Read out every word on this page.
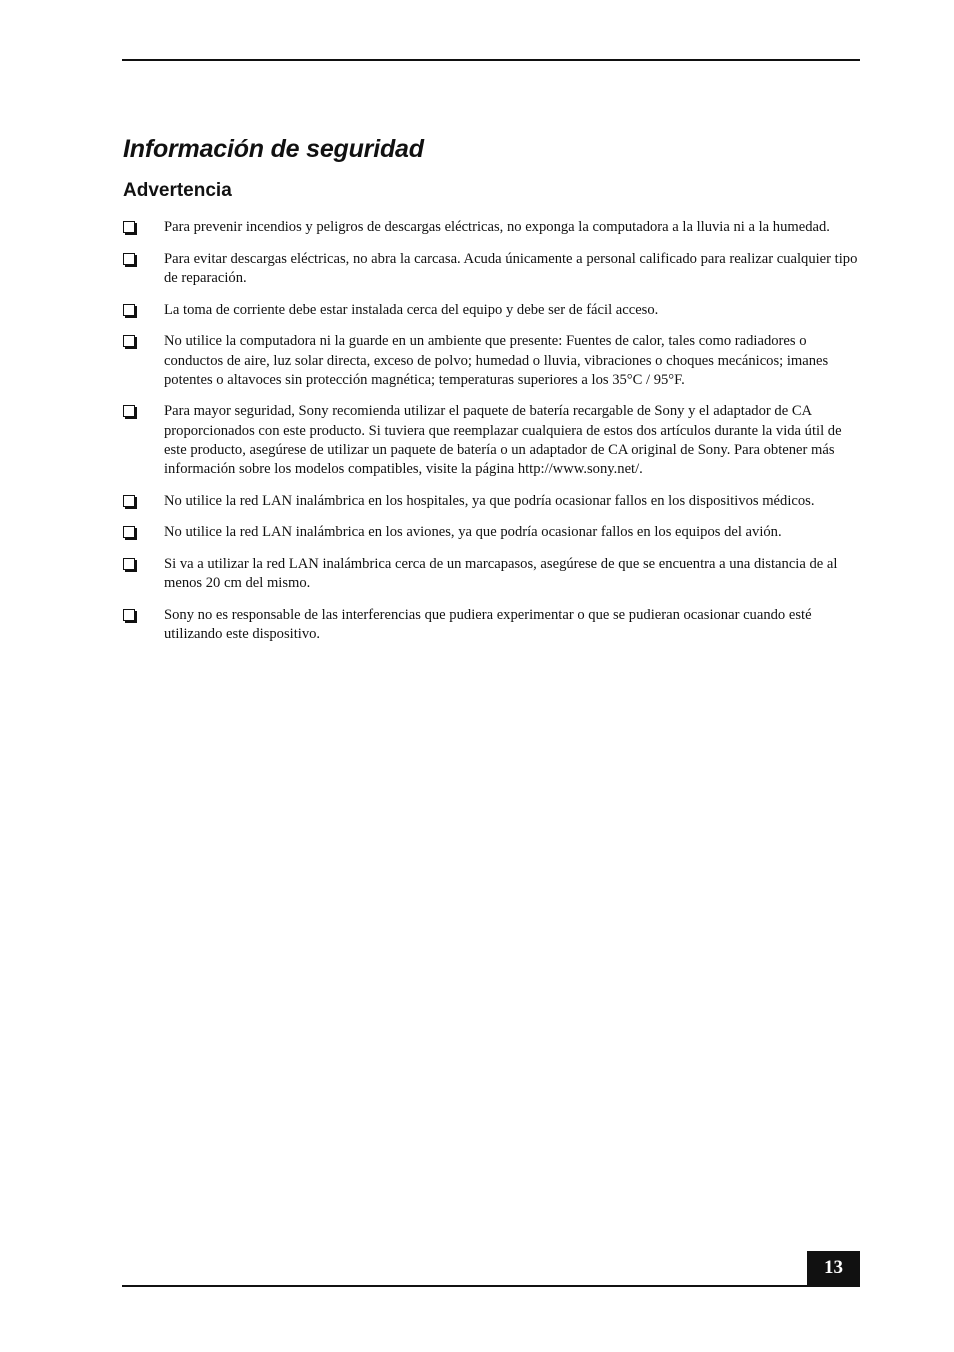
Información de seguridad
Advertencia
Para prevenir incendios y peligros de descargas eléctricas, no exponga la computadora a la lluvia ni a la humedad.
Para evitar descargas eléctricas, no abra la carcasa. Acuda únicamente a personal calificado para realizar cualquier tipo de reparación.
La toma de corriente debe estar instalada cerca del equipo y debe ser de fácil acceso.
No utilice la computadora ni la guarde en un ambiente que presente: Fuentes de calor, tales como radiadores o conductos de aire, luz solar directa, exceso de polvo; humedad o lluvia, vibraciones o choques mecánicos; imanes potentes o altavoces sin protección magnética; temperaturas superiores a los 35°C / 95°F.
Para mayor seguridad, Sony recomienda utilizar el paquete de batería recargable de Sony y el adaptador de CA proporcionados con este producto. Si tuviera que reemplazar cualquiera de estos dos artículos durante la vida útil de este producto, asegúrese de utilizar un paquete de batería o un adaptador de CA original de Sony. Para obtener más información sobre los modelos compatibles, visite la página http://www.sony.net/.
No utilice la red LAN inalámbrica en los hospitales, ya que podría ocasionar fallos en los dispositivos médicos.
No utilice la red LAN inalámbrica en los aviones, ya que podría ocasionar fallos en los equipos del avión.
Si va a utilizar la red LAN inalámbrica cerca de un marcapasos, asegúrese de que se encuentra a una distancia de al menos 20 cm del mismo.
Sony no es responsable de las interferencias que pudiera experimentar o que se pudieran ocasionar cuando esté utilizando este dispositivo.
13
